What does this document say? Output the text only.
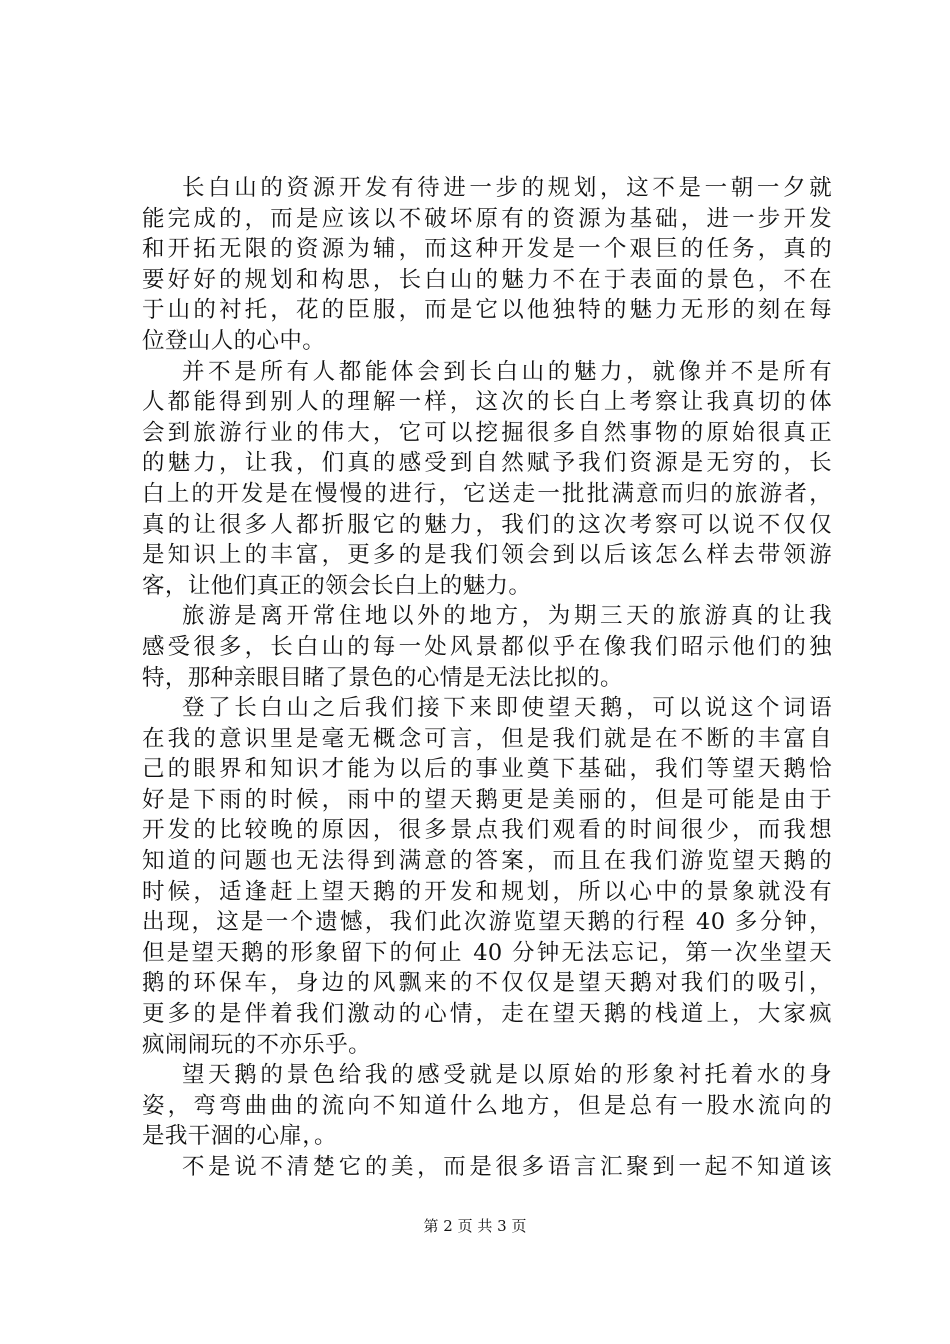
长白山的资源开发有待进一步的规划，这不是一朝一夕就
能完成的，而是应该以不破坏原有的资源为基础，进一步开发
和开拓无限的资源为辅，而这种开发是一个艰巨的任务，真的
要好好的规划和构思，长白山的魅力不在于表面的景色，不在
于山的衬托，花的臣服，而是它以他独特的魅力无形的刻在每
位登山人的心中。
并不是所有人都能体会到长白山的魅力，就像并不是所有
人都能得到别人的理解一样，这次的长白上考察让我真切的体
会到旅游行业的伟大，它可以挖掘很多自然事物的原始很真正
的魅力，让我，们真的感受到自然赋予我们资源是无穷的，长
白上的开发是在慢慢的进行，它送走一批批满意而归的旅游者，
真的让很多人都折服它的魅力，我们的这次考察可以说不仅仅
是知识上的丰富，更多的是我们领会到以后该怎么样去带领游
客，让他们真正的领会长白上的魅力。
旅游是离开常住地以外的地方，为期三天的旅游真的让我
感受很多，长白山的每一处风景都似乎在像我们昭示他们的独
特，那种亲眼目睹了景色的心情是无法比拟的。
登了长白山之后我们接下来即使望天鹅，可以说这个词语
在我的意识里是毫无概念可言，但是我们就是在不断的丰富自
己的眼界和知识才能为以后的事业奠下基础，我们等望天鹅恰
好是下雨的时候，雨中的望天鹅更是美丽的，但是可能是由于
开发的比较晚的原因，很多景点我们观看的时间很少，而我想
知道的问题也无法得到满意的答案，而且在我们游览望天鹅的
时候，适逢赶上望天鹅的开发和规划，所以心中的景象就没有
出现，这是一个遗憾，我们此次游览望天鹅的行程 40 多分钟，
但是望天鹅的形象留下的何止 40 分钟无法忘记，第一次坐望天
鹅的环保车，身边的风飘来的不仅仅是望天鹅对我们的吸引，
更多的是伴着我们激动的心情，走在望天鹅的栈道上，大家疯
疯闹闹玩的不亦乐乎。
望天鹅的景色给我的感受就是以原始的形象衬托着水的身
姿，弯弯曲曲的流向不知道什么地方，但是总有一股水流向的
是我干涸的心扉，。
不是说不清楚它的美，而是很多语言汇聚到一起不知道该
第 2 页 共 3 页
